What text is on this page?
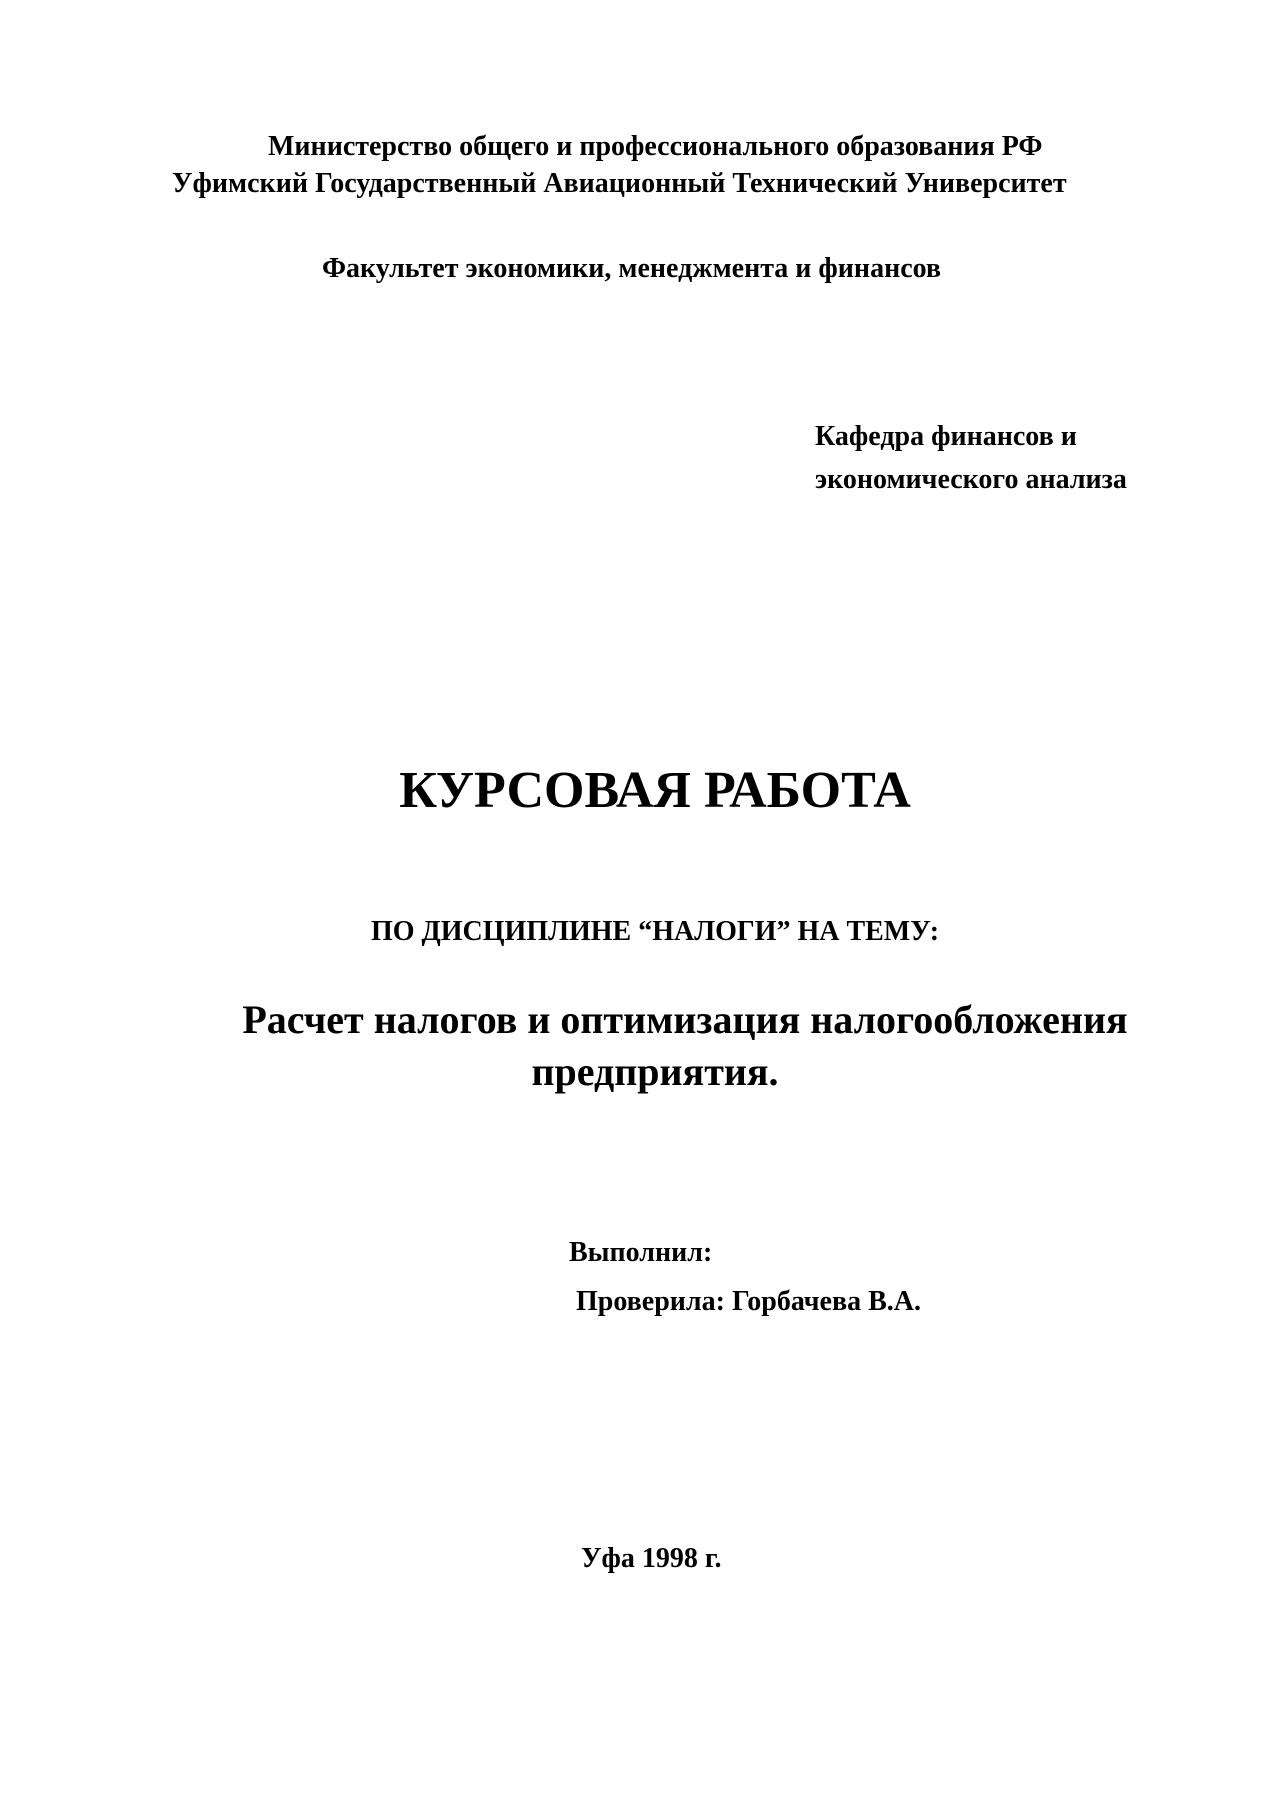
Министерство общего и профессионального образования РФ
Уфимский Государственный Авиационный Технический Университет
Факультет экономики, менеджмента и финансов
Кафедра финансов и
экономического анализа
КУРСОВАЯ РАБОТА
ПО ДИСЦИПЛИНЕ “НАЛОГИ” НА ТЕМУ:
Расчет налогов и оптимизация налогообложения
предприятия.
Выполнил:
Проверила: Горбачева В.А.
Уфа 1998 г.
